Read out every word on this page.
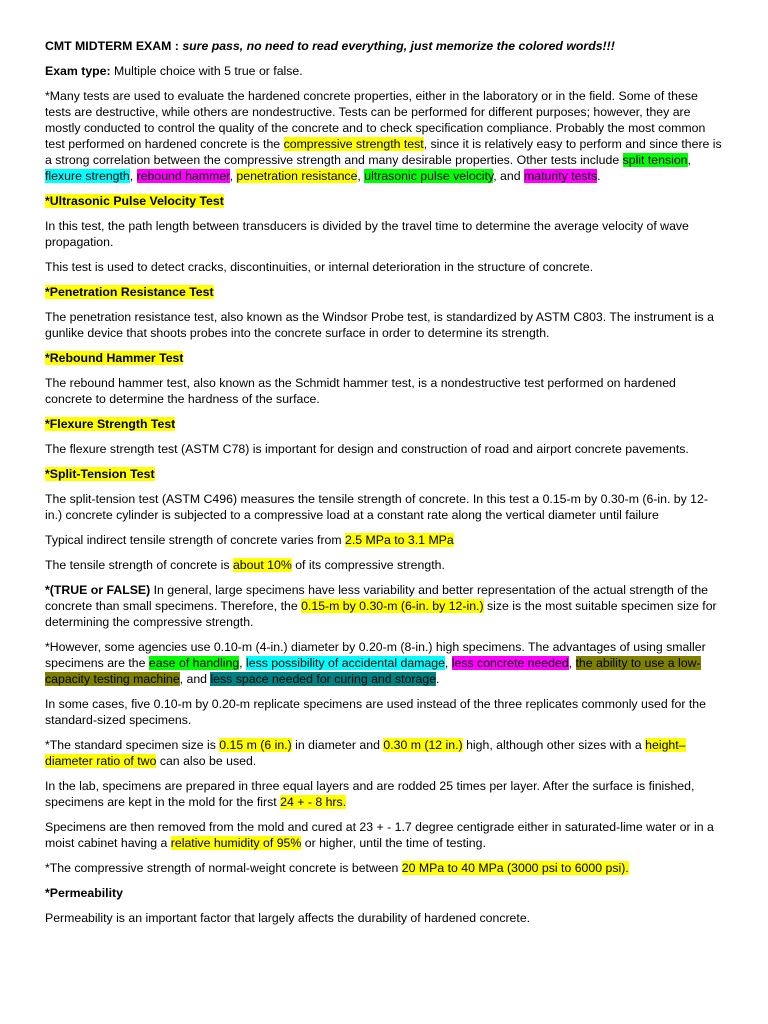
CMT MIDTERM EXAM : sure pass, no need to read everything, just memorize the colored words!!!

Exam type: Multiple choice with 5 true or false.

*Many tests are used to evaluate the hardened concrete properties, either in the laboratory or in the field. Some of these tests are destructive, while others are nondestructive. Tests can be performed for different purposes; however, they are mostly conducted to control the quality of the concrete and to check specification compliance. Probably the most common test performed on hardened concrete is the compressive strength test, since it is relatively easy to perform and since there is a strong correlation between the compressive strength and many desirable properties. Other tests include split tension, flexure strength, rebound hammer, penetration resistance, ultrasonic pulse velocity, and maturity tests.

*Ultrasonic Pulse Velocity Test

In this test, the path length between transducers is divided by the travel time to determine the average velocity of wave propagation.

This test is used to detect cracks, discontinuities, or internal deterioration in the structure of concrete.

*Penetration Resistance Test

The penetration resistance test, also known as the Windsor Probe test, is standardized by ASTM C803. The instrument is a gunlike device that shoots probes into the concrete surface in order to determine its strength.

*Rebound Hammer Test

The rebound hammer test, also known as the Schmidt hammer test, is a nondestructive test performed on hardened concrete to determine the hardness of the surface.

*Flexure Strength Test

The flexure strength test (ASTM C78) is important for design and construction of road and airport concrete pavements.

*Split-Tension Test

The split-tension test (ASTM C496) measures the tensile strength of concrete. In this test a 0.15-m by 0.30-m (6-in. by 12-in.) concrete cylinder is subjected to a compressive load at a constant rate along the vertical diameter until failure

Typical indirect tensile strength of concrete varies from 2.5 MPa to 3.1 MPa

The tensile strength of concrete is about 10% of its compressive strength.

*(TRUE or FALSE) In general, large specimens have less variability and better representation of the actual strength of the concrete than small specimens. Therefore, the 0.15-m by 0.30-m (6-in. by 12-in.) size is the most suitable specimen size for determining the compressive strength.

*However, some agencies use 0.10-m (4-in.) diameter by 0.20-m (8-in.) high specimens. The advantages of using smaller specimens are the ease of handling, less possibility of accidental damage, less concrete needed, the ability to use a low-capacity testing machine, and less space needed for curing and storage.

In some cases, five 0.10-m by 0.20-m replicate specimens are used instead of the three replicates commonly used for the standard-sized specimens.

*The standard specimen size is 0.15 m (6 in.) in diameter and 0.30 m (12 in.) high, although other sizes with a height–diameter ratio of two can also be used.

In the lab, specimens are prepared in three equal layers and are rodded 25 times per layer. After the surface is finished, specimens are kept in the mold for the first 24 + - 8 hrs.

Specimens are then removed from the mold and cured at 23 + - 1.7 degree centigrade either in saturated-lime water or in a moist cabinet having a relative humidity of 95% or higher, until the time of testing.

*The compressive strength of normal-weight concrete is between 20 MPa to 40 MPa (3000 psi to 6000 psi).

*Permeability

Permeability is an important factor that largely affects the durability of hardened concrete.
